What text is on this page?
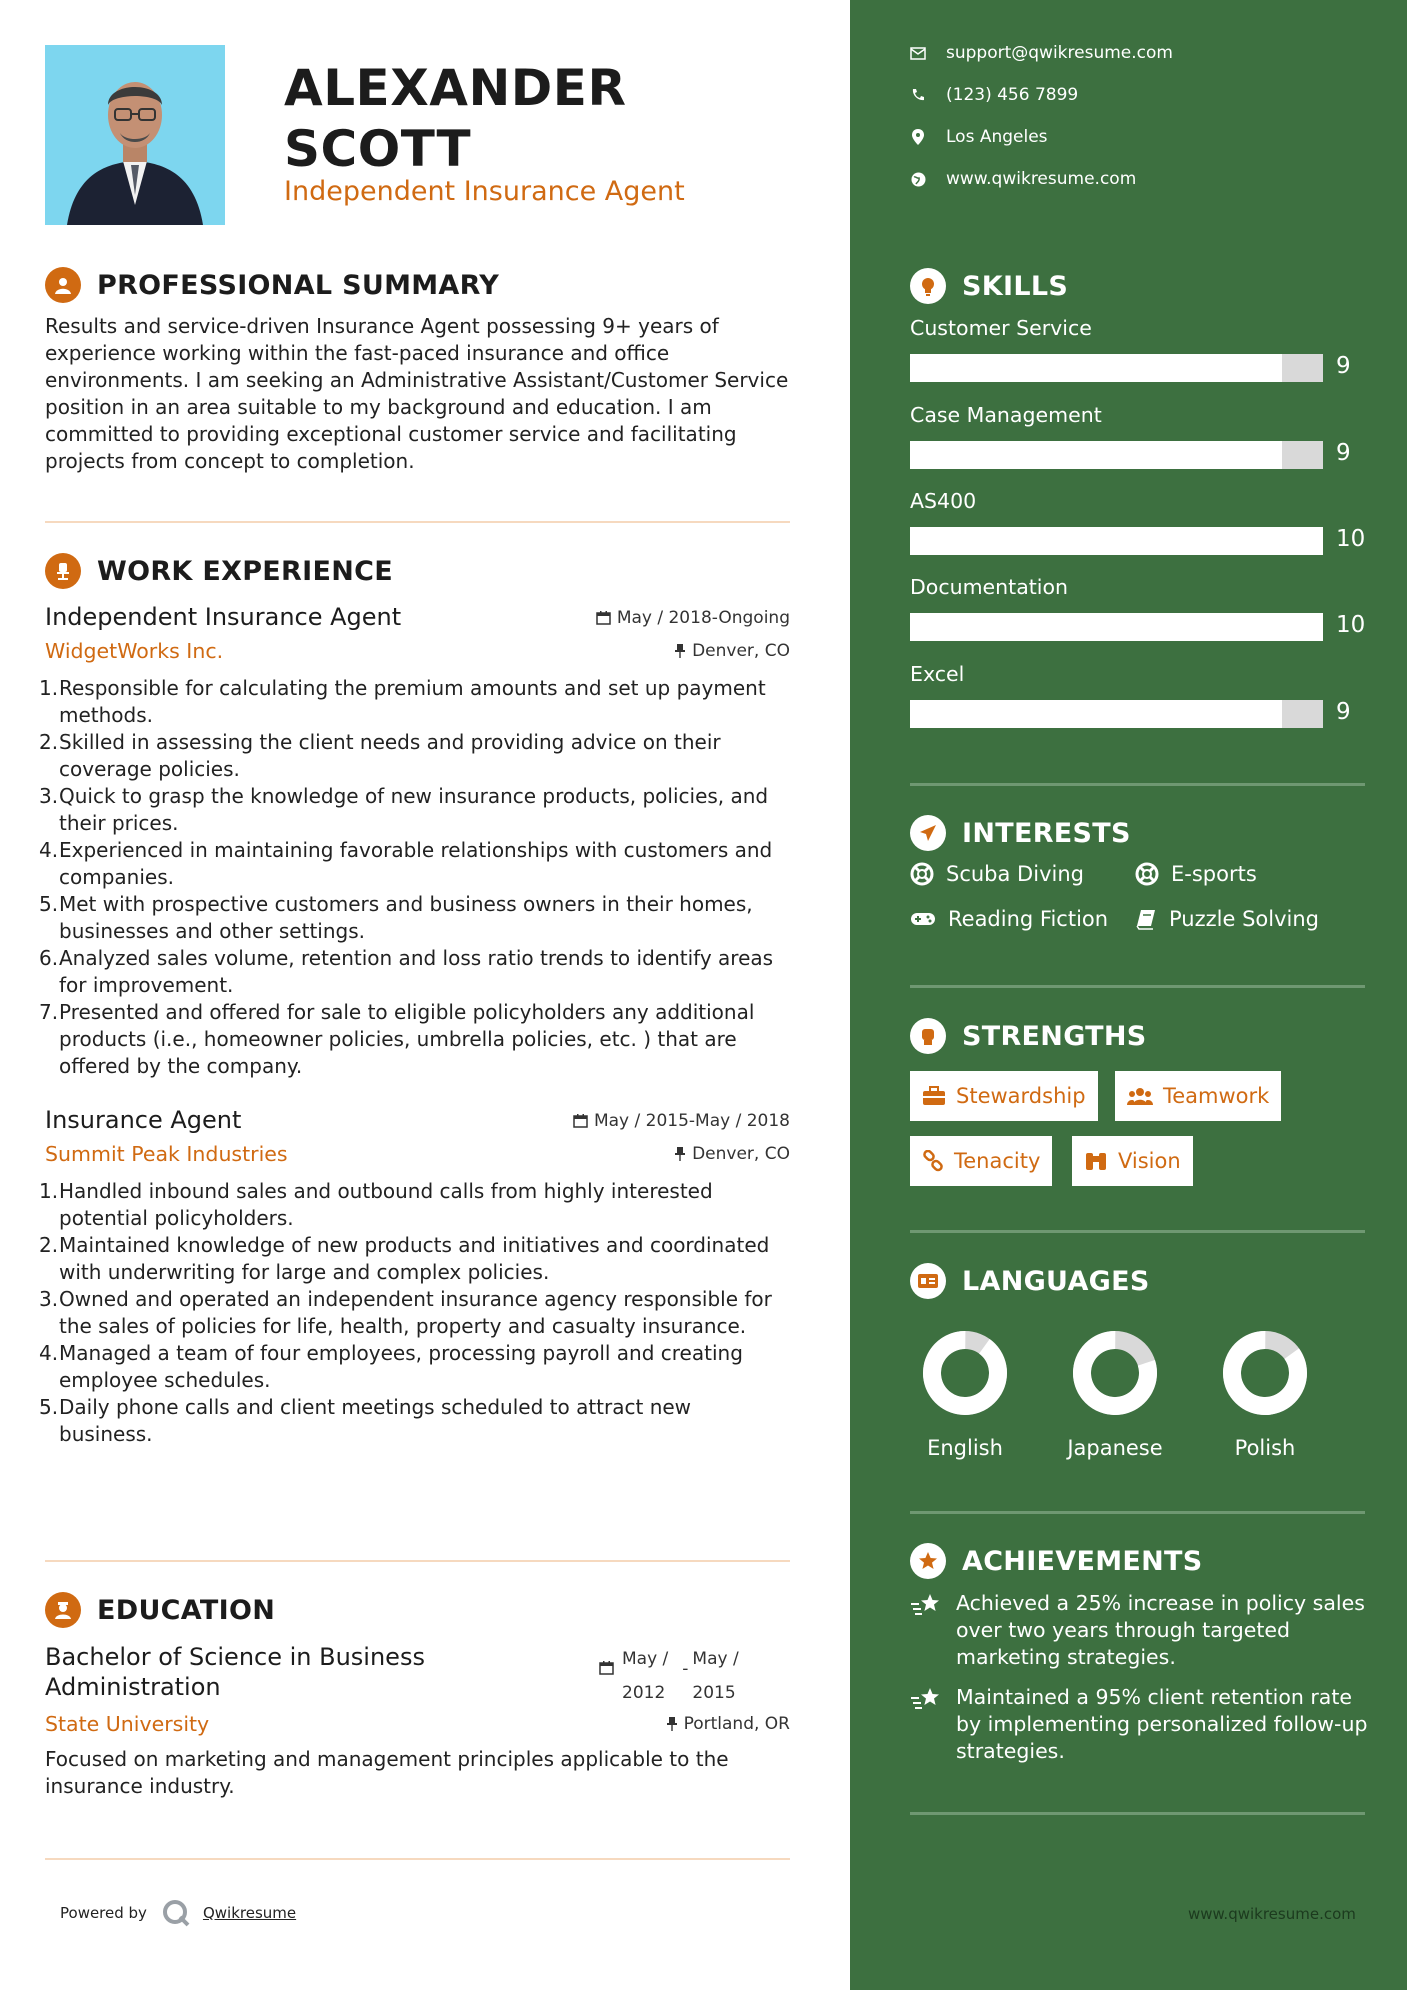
ALEXANDER
SCOTT
Independent Insurance Agent
PROFESSIONAL SUMMARY
Results and service-driven Insurance Agent possessing 9+ years of experience working within the fast-paced insurance and office environments. I am seeking an Administrative Assistant/Customer Service position in an area suitable to my background and education. I am committed to providing exceptional customer service and facilitating projects from concept to completion.
WORK EXPERIENCE
Independent Insurance Agent	May / 2018-Ongoing
WidgetWorks Inc.	Denver, CO
1. Responsible for calculating the premium amounts and set up payment methods.
2. Skilled in assessing the client needs and providing advice on their coverage policies.
3. Quick to grasp the knowledge of new insurance products, policies, and their prices.
4. Experienced in maintaining favorable relationships with customers and companies.
5. Met with prospective customers and business owners in their homes, businesses and other settings.
6. Analyzed sales volume, retention and loss ratio trends to identify areas for improvement.
7. Presented and offered for sale to eligible policyholders any additional products (i.e., homeowner policies, umbrella policies, etc. ) that are offered by the company.
Insurance Agent	May / 2015-May / 2018
Summit Peak Industries	Denver, CO
1. Handled inbound sales and outbound calls from highly interested potential policyholders.
2. Maintained knowledge of new products and initiatives and coordinated with underwriting for large and complex policies.
3. Owned and operated an independent insurance agency responsible for the sales of policies for life, health, property and casualty insurance.
4. Managed a team of four employees, processing payroll and creating employee schedules.
5. Daily phone calls and client meetings scheduled to attract new business.
EDUCATION
Bachelor of Science in Business
Administration
May /
2012
- May /
2015
State University	Portland, OR
Focused on marketing and management principles applicable to the insurance industry.
Powered by	Qwikresume
support@qwikresume.com
(123) 456 7899
Los Angeles
www.qwikresume.com
SKILLS
Customer Service
9
Case Management
9
AS400
10
Documentation
10
Excel
9
INTERESTS
Scuba Diving	E-sports
Reading Fiction	Puzzle Solving
STRENGTHS
Stewardship	Teamwork
Tenacity	Vision
LANGUAGES
English	Japanese	Polish
ACHIEVEMENTS
Achieved a 25% increase in policy sales over two years through targeted marketing strategies.
Maintained a 95% client retention rate by implementing personalized follow-up strategies.
www.qwikresume.com
